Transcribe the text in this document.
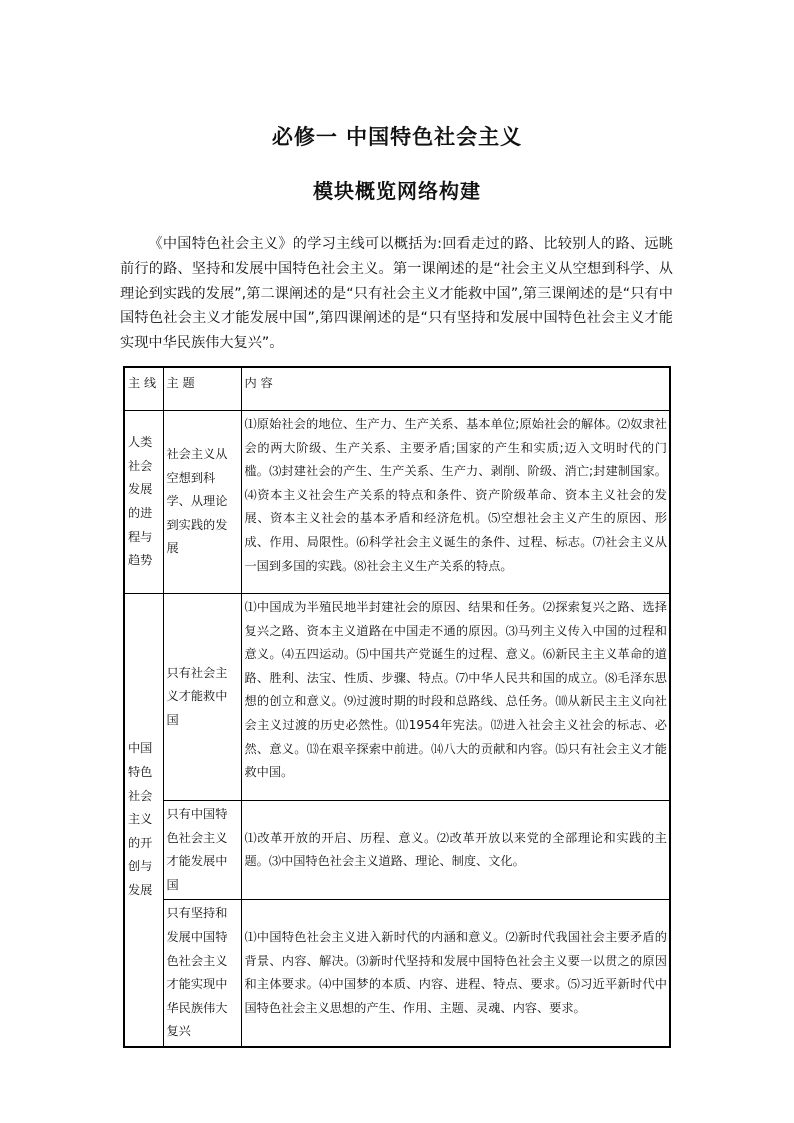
必修一 中国特色社会主义
模块概览网络构建

《中国特色社会主义》的学习主线可以概括为:回看走过的路、比较别人的路、远眺前行的路、坚持和发展中国特色社会主义。第一课阐述的是“社会主义从空想到科学、从理论到实践的发展”,第二课阐述的是“只有社会主义才能救中国”,第三课阐述的是“只有中国特色社会主义才能发展中国”,第四课阐述的是“只有坚持和发展中国特色社会主义才能实现中华民族伟大复兴”。

主 线	主 题	内 容
人类社会发展的进程与趋势	社会主义从空想到科学、从理论到实践的发展	⑴原始社会的地位、生产力、生产关系、基本单位;原始社会的解体。⑵奴隶社会的两大阶级、生产关系、主要矛盾;国家的产生和实质;迈入文明时代的门槛。⑶封建社会的产生、生产关系、生产力、剥削、阶级、消亡;封建制国家。⑷资本主义社会生产关系的特点和条件、资产阶级革命、资本主义社会的发展、资本主义社会的基本矛盾和经济危机。⑸空想社会主义产生的原因、形成、作用、局限性。⑹科学社会主义诞生的条件、过程、标志。⑺社会主义从一国到多国的实践。⑻社会主义生产关系的特点。
中国特色社会主义的开创与发展	只有社会主义才能救中国	⑴中国成为半殖民地半封建社会的原因、结果和任务。⑵探索复兴之路、选择复兴之路、资本主义道路在中国走不通的原因。⑶马列主义传入中国的过程和意义。⑷五四运动。⑸中国共产党诞生的过程、意义。⑹新民主主义革命的道路、胜利、法宝、性质、步骤、特点。⑺中华人民共和国的成立。⑻毛泽东思想的创立和意义。⑼过渡时期的时段和总路线、总任务。⑽从新民主主义向社会主义过渡的历史必然性。⑾1954年宪法。⑿进入社会主义社会的标志、必然、意义。⒀在艰辛探索中前进。⒁八大的贡献和内容。⒂只有社会主义才能救中国。
	只有中国特色社会主义才能发展中国	⑴改革开放的开启、历程、意义。⑵改革开放以来党的全部理论和实践的主题。⑶中国特色社会主义道路、理论、制度、文化。
	只有坚持和发展中国特色社会主义才能实现中华民族伟大复兴	⑴中国特色社会主义进入新时代的内涵和意义。⑵新时代我国社会主要矛盾的背景、内容、解决。⑶新时代坚持和发展中国特色社会主义要一以贯之的原因和主体要求。⑷中国梦的本质、内容、进程、特点、要求。⑸习近平新时代中国特色社会主义思想的产生、作用、主题、灵魂、内容、要求。
